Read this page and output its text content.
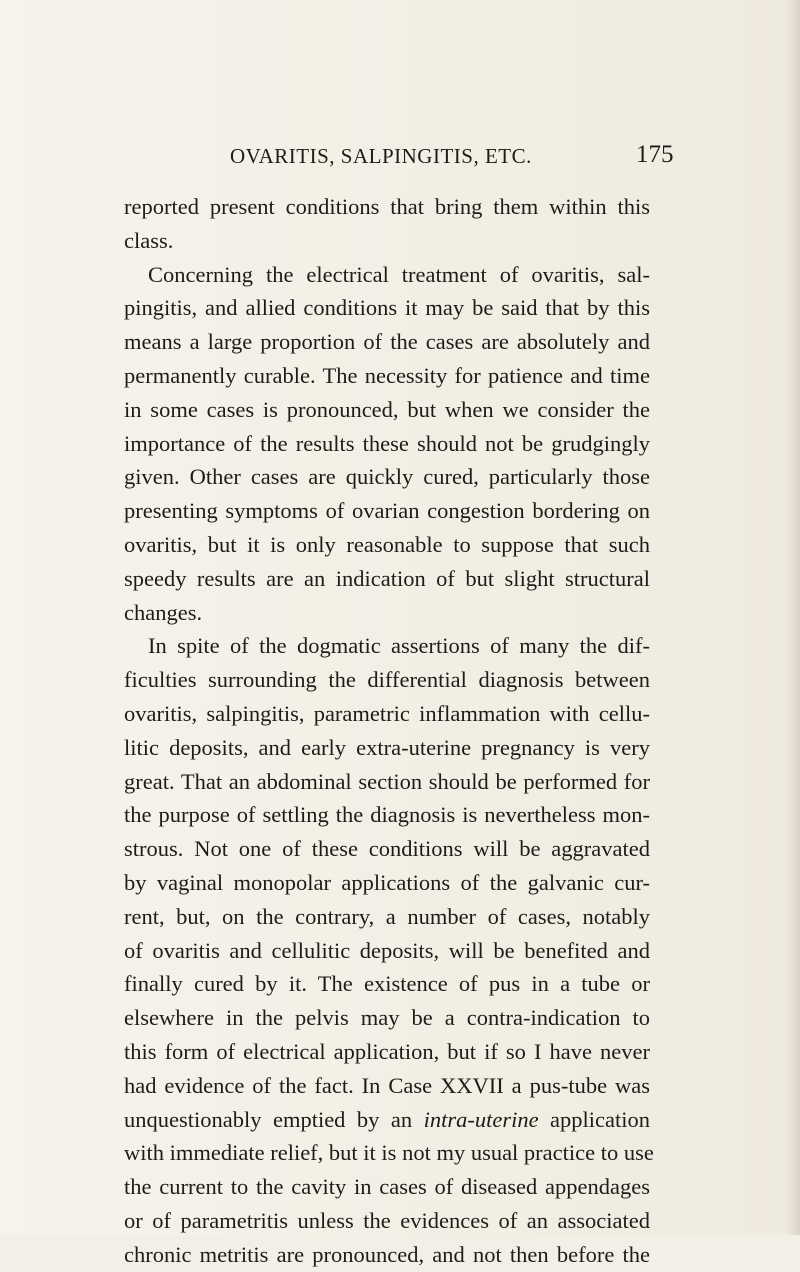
OVARITIS, SALPINGITIS, ETC.	175
reported present conditions that bring them within this
class.
Concerning the electrical treatment of ovaritis, sal-
pingitis, and allied conditions it may be said that by this
means a large proportion of the cases are absolutely and
permanently curable. The necessity for patience and time
in some cases is pronounced, but when we consider the
importance of the results these should not be grudgingly
given. Other cases are quickly cured, particularly those
presenting symptoms of ovarian congestion bordering on
ovaritis, but it is only reasonable to suppose that such
speedy results are an indication of but slight structural
changes.
In spite of the dogmatic assertions of many the dif-
ficulties surrounding the differential diagnosis between
ovaritis, salpingitis, parametric inflammation with cellu-
litic deposits, and early extra-uterine pregnancy is very
great. That an abdominal section should be performed for
the purpose of settling the diagnosis is nevertheless mon-
strous. Not one of these conditions will be aggravated
by vaginal monopolar applications of the galvanic cur-
rent, but, on the contrary, a number of cases, notably
of ovaritis and cellulitic deposits, will be benefited and
finally cured by it. The existence of pus in a tube or
elsewhere in the pelvis may be a contra-indication to
this form of electrical application, but if so I have never
had evidence of the fact. In Case XXVII a pus-tube was
unquestionably emptied by an intra-uterine application
with immediate relief, but it is not my usual practice to use
the current to the cavity in cases of diseased appendages
or of parametritis unless the evidences of an associated
chronic metritis are pronounced, and not then before the
